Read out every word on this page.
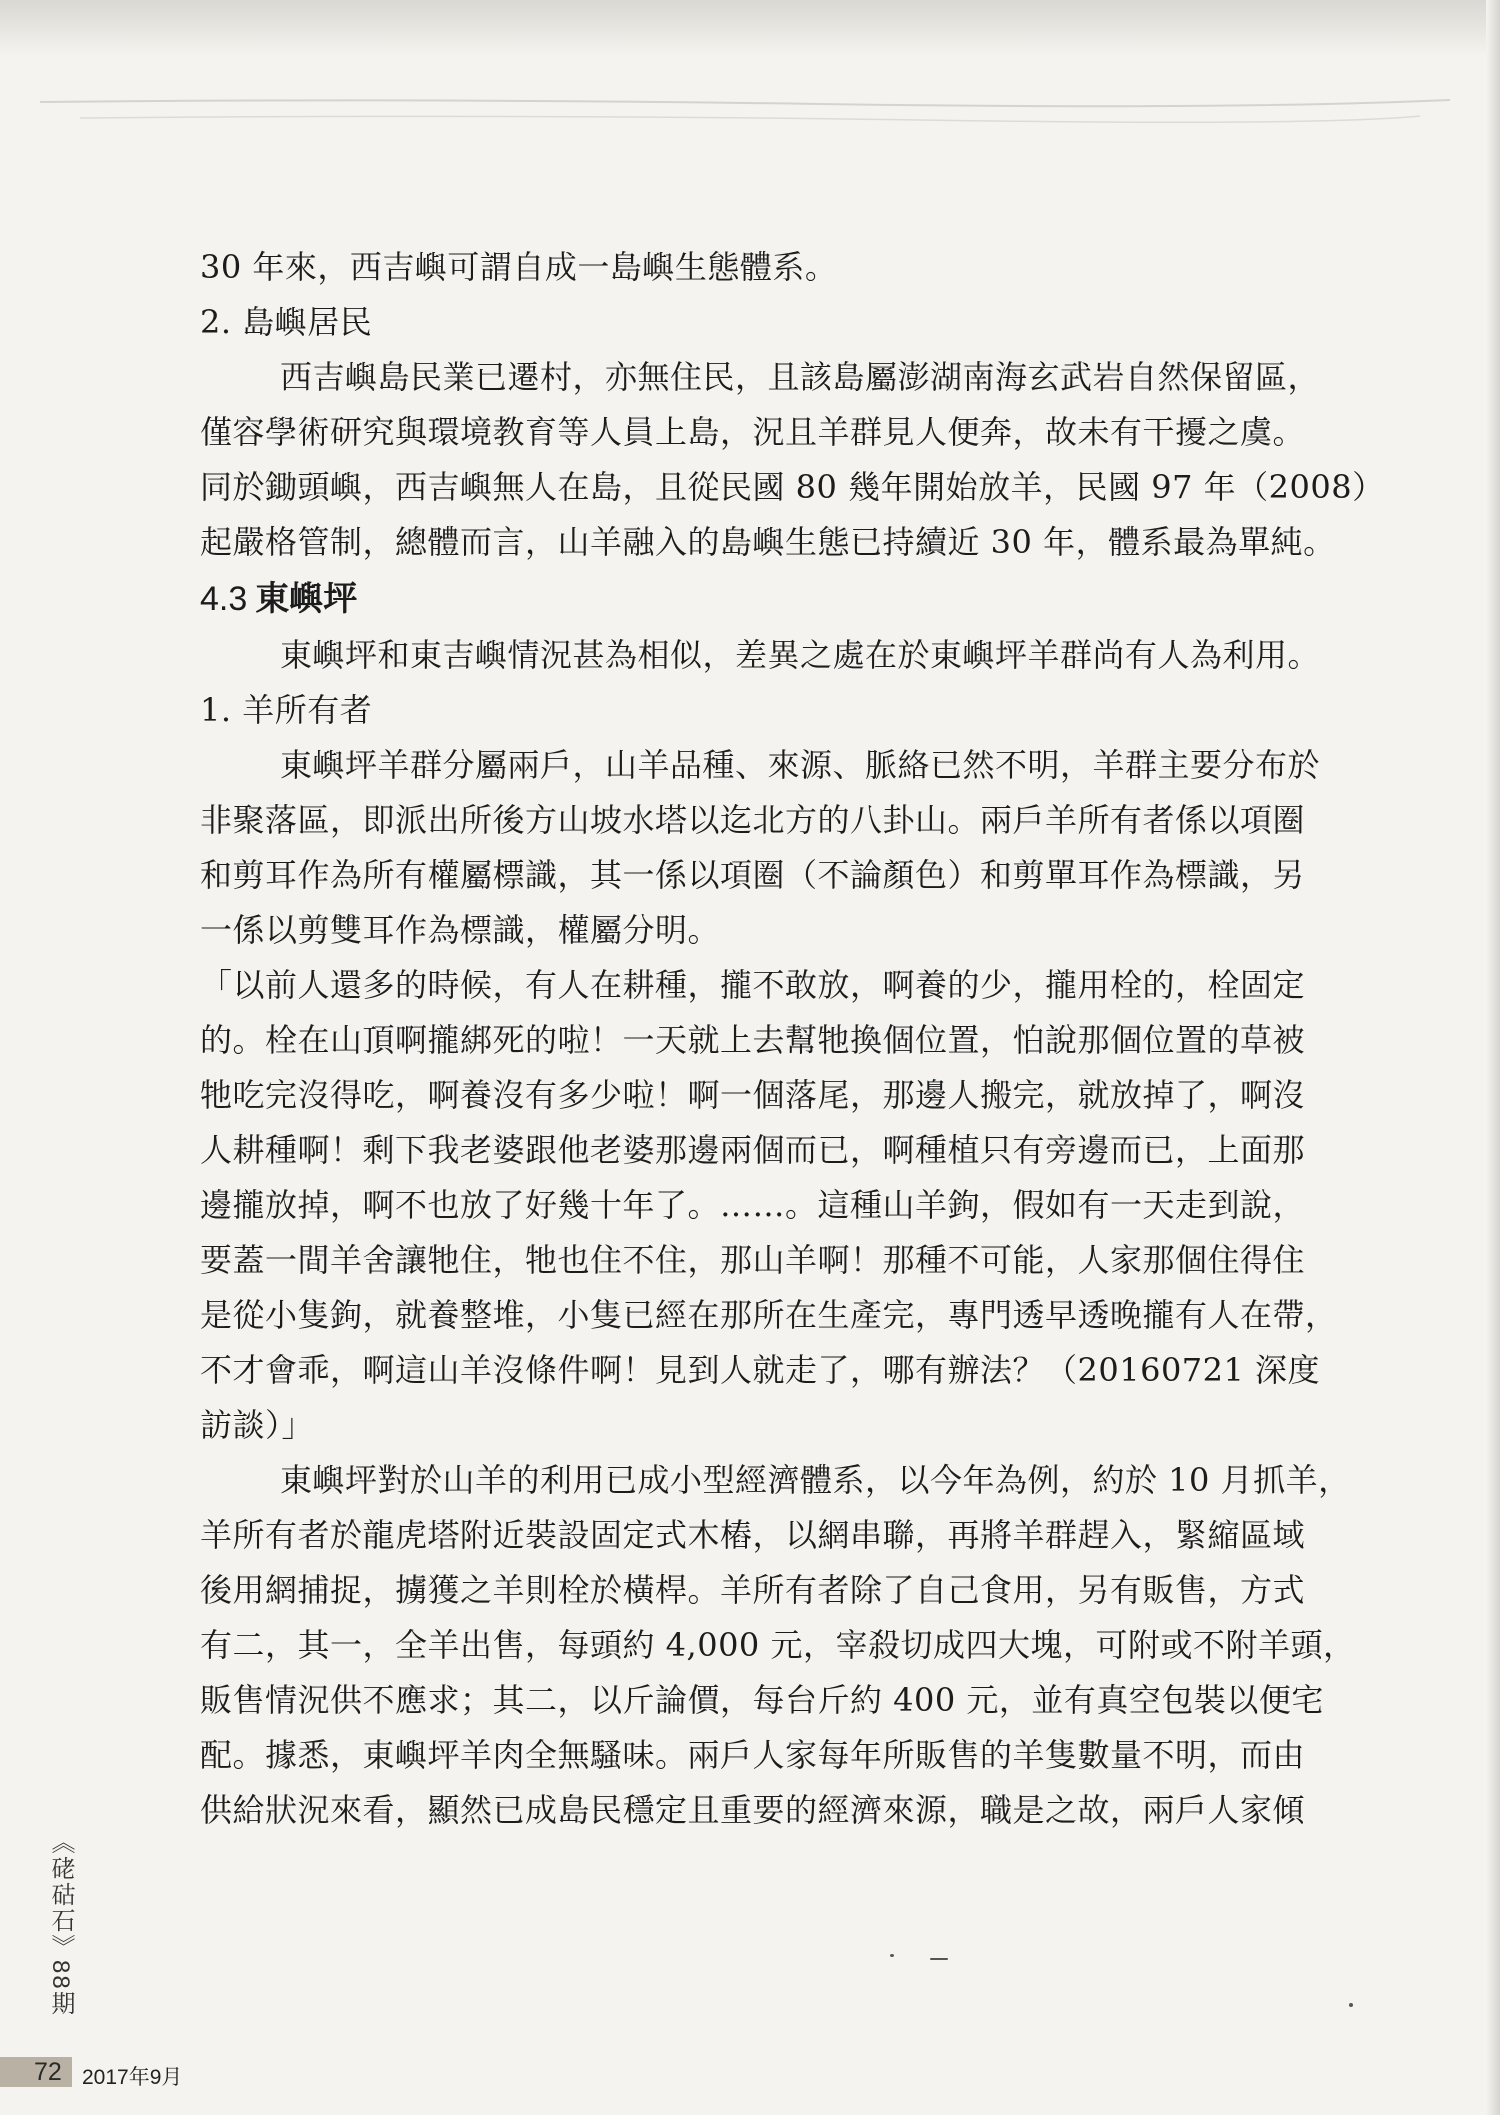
30 年來，西吉嶼可謂自成一島嶼生態體系。
2. 島嶼居民
西吉嶼島民業已遷村，亦無住民，且該島屬澎湖南海玄武岩自然保留區，
僅容學術研究與環境教育等人員上島，況且羊群見人便奔，故未有干擾之虞。
同於鋤頭嶼，西吉嶼無人在島，且從民國 80 幾年開始放羊，民國 97 年（2008）
起嚴格管制，總體而言，山羊融入的島嶼生態已持續近 30 年，體系最為單純。
4.3 東嶼坪
東嶼坪和東吉嶼情況甚為相似，差異之處在於東嶼坪羊群尚有人為利用。
1. 羊所有者
東嶼坪羊群分屬兩戶，山羊品種、來源、脈絡已然不明，羊群主要分布於
非聚落區，即派出所後方山坡水塔以迄北方的八卦山。兩戶羊所有者係以項圈
和剪耳作為所有權屬標識，其一係以項圈（不論顏色）和剪單耳作為標識，另
一係以剪雙耳作為標識，權屬分明。
「以前人還多的時候，有人在耕種，攏不敢放，啊養的少，攏用栓的，栓固定
的。栓在山頂啊攏綁死的啦！一天就上去幫牠換個位置，怕說那個位置的草被
牠吃完沒得吃，啊養沒有多少啦！啊一個落尾，那邊人搬完，就放掉了，啊沒
人耕種啊！剩下我老婆跟他老婆那邊兩個而已，啊種植只有旁邊而已，上面那
邊攏放掉，啊不也放了好幾十年了。……。這種山羊鉤，假如有一天走到說，
要蓋一間羊舍讓牠住，牠也住不住，那山羊啊！那種不可能，人家那個住得住
是從小隻鉤，就養整堆，小隻已經在那所在生產完，專門透早透晚攏有人在帶，
不才會乖，啊這山羊沒條件啊！見到人就走了，哪有辦法？（20160721 深度
訪談）」
東嶼坪對於山羊的利用已成小型經濟體系，以今年為例，約於 10 月抓羊，
羊所有者於龍虎塔附近裝設固定式木樁，以網串聯，再將羊群趕入，緊縮區域
後用網捕捉，擄獲之羊則栓於橫桿。羊所有者除了自己食用，另有販售，方式
有二，其一，全羊出售，每頭約 4,000 元，宰殺切成四大塊，可附或不附羊頭，
販售情況供不應求；其二，以斤論價，每台斤約 400 元，並有真空包裝以便宅
配。據悉，東嶼坪羊肉全無騷味。兩戶人家每年所販售的羊隻數量不明，而由
供給狀況來看，顯然已成島民穩定且重要的經濟來源，職是之故，兩戶人家傾
《硓𥑮石》88期
72 2017年9月
